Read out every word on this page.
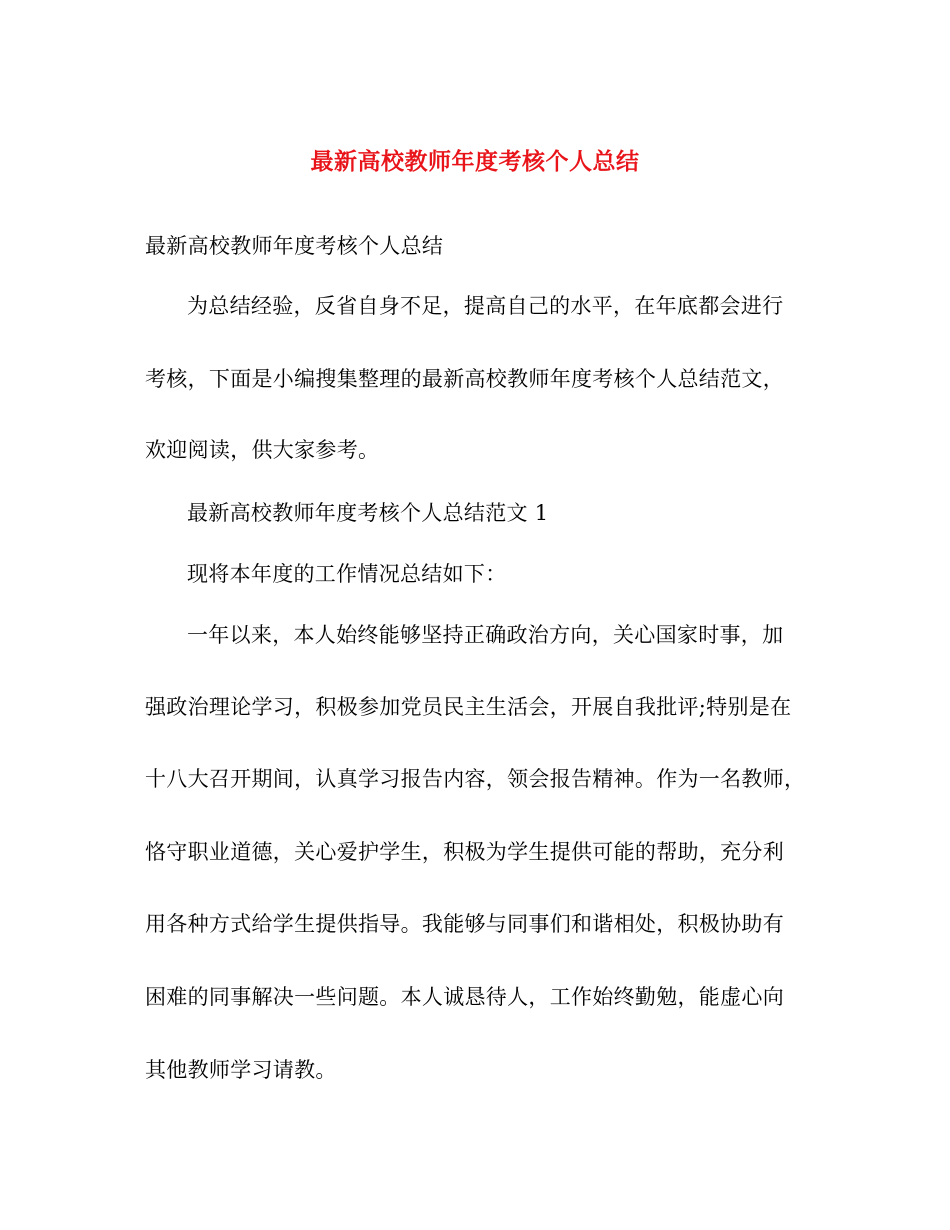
最新高校教师年度考核个人总结
最新高校教师年度考核个人总结
为总结经验，反省自身不足，提高自己的水平，在年底都会进行
考核，下面是小编搜集整理的最新高校教师年度考核个人总结范文，
欢迎阅读，供大家参考。
最新高校教师年度考核个人总结范文 1
现将本年度的工作情况总结如下：
一年以来，本人始终能够坚持正确政治方向，关心国家时事，加
强政治理论学习，积极参加党员民主生活会，开展自我批评;特别是在
十八大召开期间，认真学习报告内容，领会报告精神。作为一名教师，
恪守职业道德，关心爱护学生，积极为学生提供可能的帮助，充分利
用各种方式给学生提供指导。我能够与同事们和谐相处，积极协助有
困难的同事解决一些问题。本人诚恳待人，工作始终勤勉，能虚心向
其他教师学习请教。
